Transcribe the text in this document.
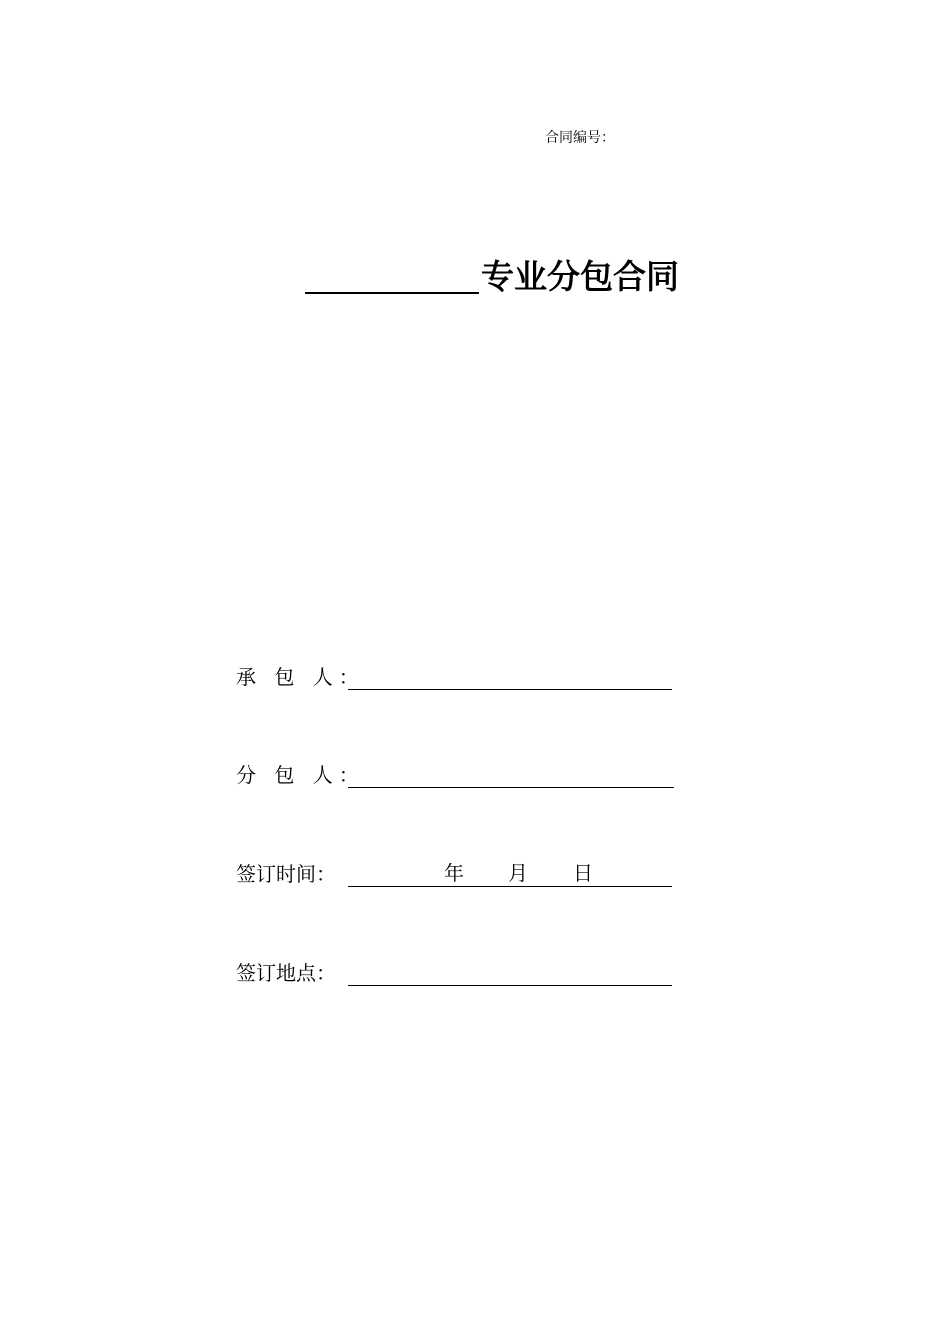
合同编号：
专业分包合同
承 包 人：
分 包 人：
签订时间：	年 月 日
签订地点：
